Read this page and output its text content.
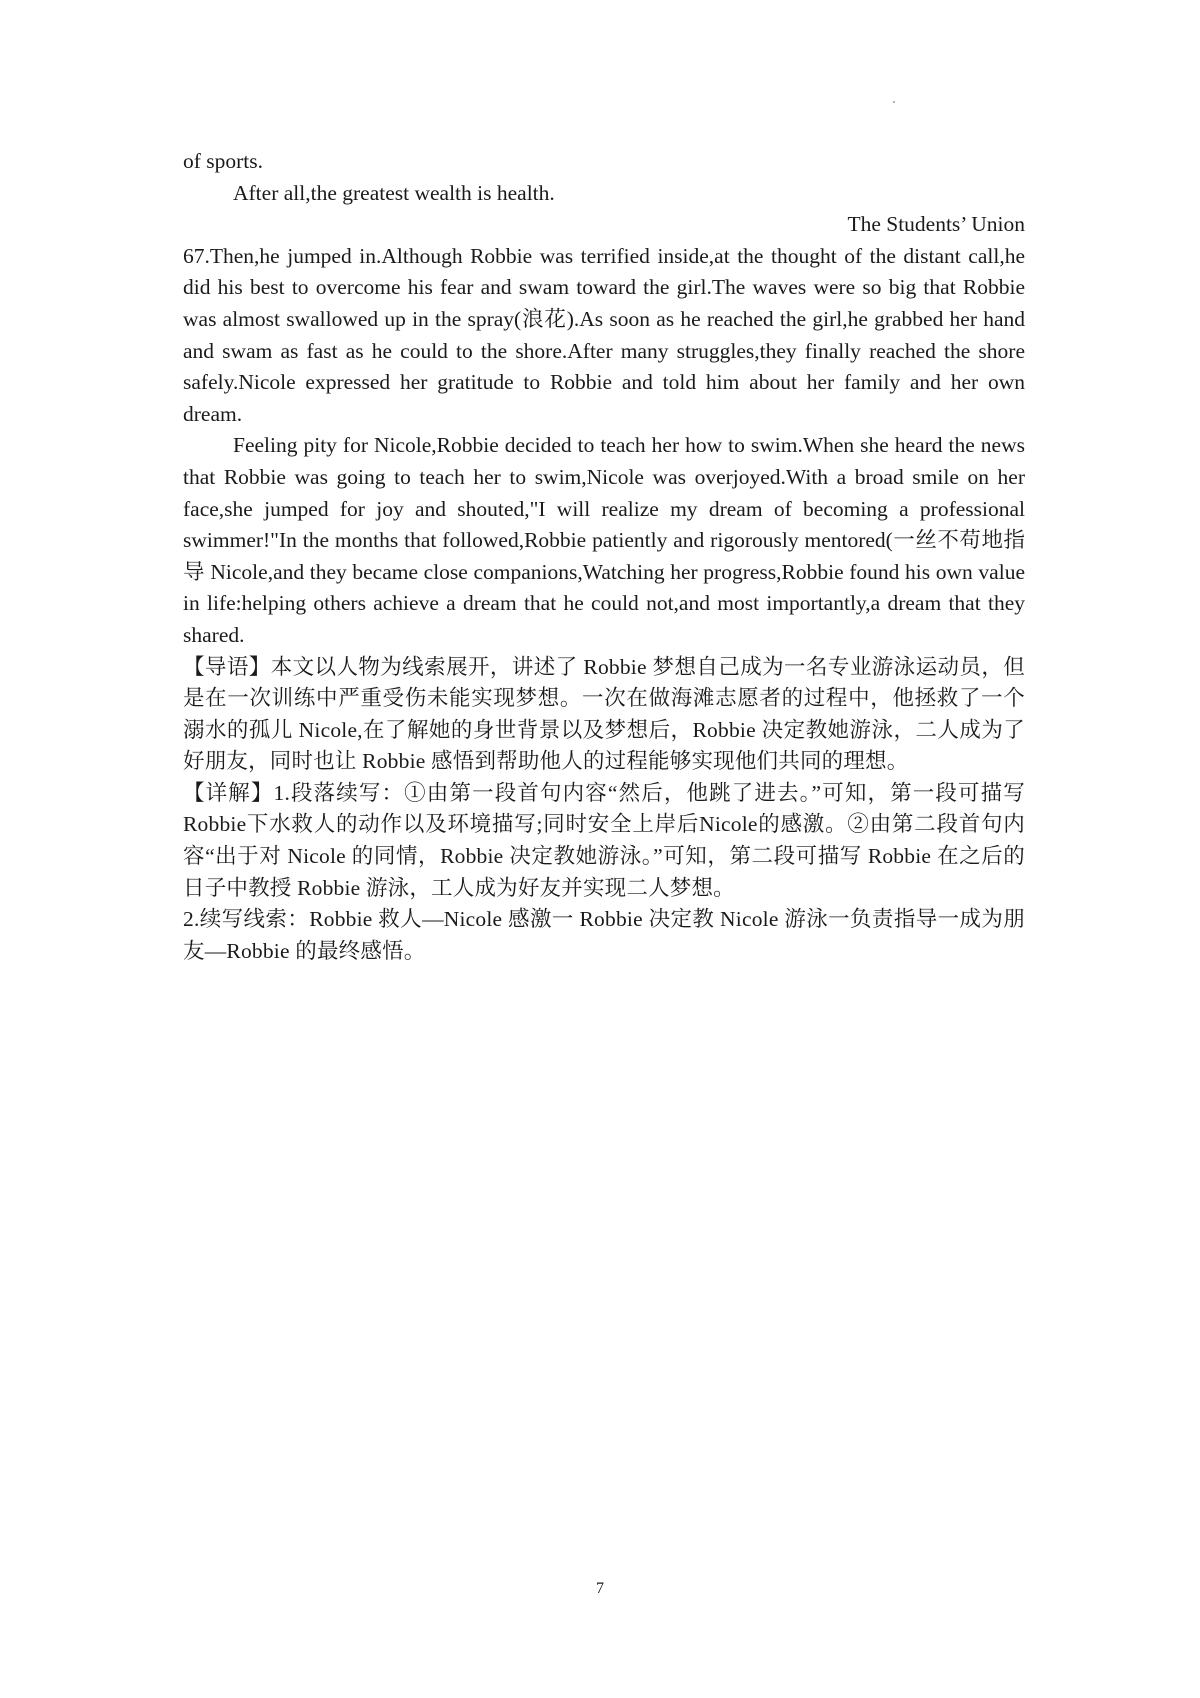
of sports.

After all,the greatest wealth is health.

The Students’ Union

67.Then,he jumped in.Although Robbie was terrified inside,at the thought of the distant call,he did his best to overcome his fear and swam toward the girl.The waves were so big that Robbie was almost swallowed up in the spray(浪花).As soon as he reached the girl,he grabbed her hand and swam as fast as he could to the shore.After many struggles,they finally reached the shore safely.Nicole expressed her gratitude to Robbie and told him about her family and her own dream.

Feeling pity for Nicole,Robbie decided to teach her how to swim.When she heard the news that Robbie was going to teach her to swim,Nicole was overjoyed.With a broad smile on her face,she jumped for joy and shouted,"I will realize my dream of becoming a professional swimmer!"In the months that followed,Robbie patiently and rigorously mentored(一丝不苟地指导 Nicole,and they became close companions,Watching her progress,Robbie found his own value in life:helping others achieve a dream that he could not,and most importantly,a dream that they shared.

【导语】本文以人物为线索展开，讲述了 Robbie 梦想自己成为一名专业游泳运动员，但是在一次训练中严重受伤未能实现梦想。一次在做海滩志愿者的过程中，他拯救了一个溺水的孤儿 Nicole,在了解她的身世背景以及梦想后，Robbie 决定教她游泳，二人成为了好朋友，同时也让 Robbie 感悟到帮助他人的过程能够实现他们共同的理想。

【详解】1.段落续写：①由第一段首句内容“然后，他跳了进去。”可知，第一段可描写Robbie下水救人的动作以及环境描写;同时安全上岸后Nicole的感激。②由第二段首句内容“出于对 Nicole 的同情，Robbie 决定教她游泳。”可知，第二段可描写 Robbie 在之后的日子中教授 Robbie 游泳，工人成为好友并实现二人梦想。

2.续写线索：Robbie 救人—Nicole 感激一 Robbie 决定教 Nicole 游泳一负责指导一成为朋友—Robbie 的最终感悟。

7
